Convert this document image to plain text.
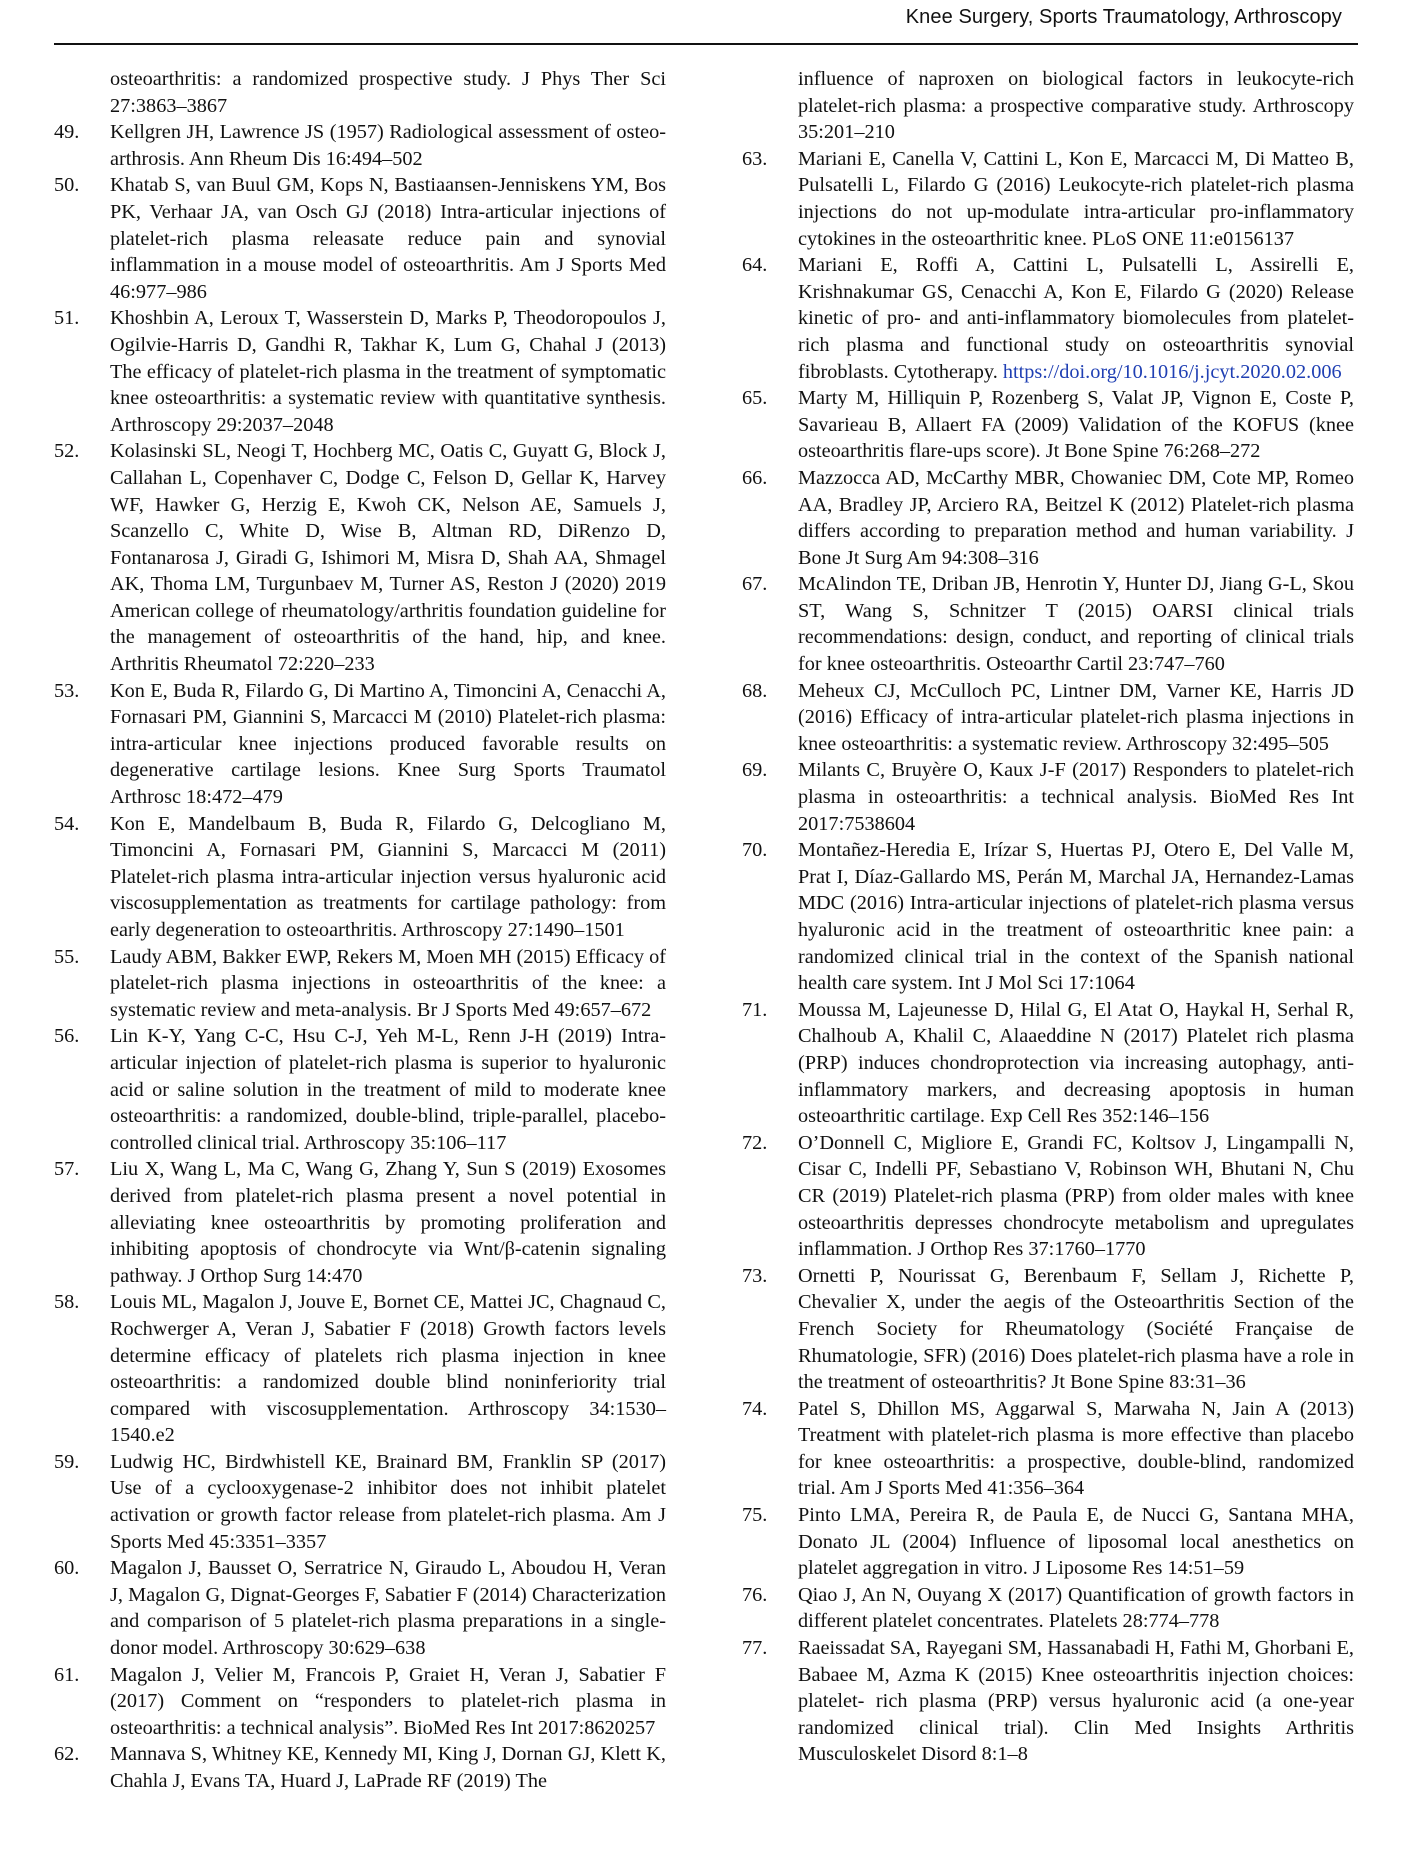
Knee Surgery, Sports Traumatology, Arthroscopy
osteoarthritis: a randomized prospective study. J Phys Ther Sci 27:3863–3867
49. Kellgren JH, Lawrence JS (1957) Radiological assessment of osteo-arthrosis. Ann Rheum Dis 16:494–502
50. Khatab S, van Buul GM, Kops N, Bastiaansen-Jenniskens YM, Bos PK, Verhaar JA, van Osch GJ (2018) Intra-articular injections of platelet-rich plasma releasate reduce pain and synovial inflammation in a mouse model of osteoarthritis. Am J Sports Med 46:977–986
51. Khoshbin A, Leroux T, Wasserstein D, Marks P, Theodoropoulos J, Ogilvie-Harris D, Gandhi R, Takhar K, Lum G, Chahal J (2013) The efficacy of platelet-rich plasma in the treatment of symptomatic knee osteoarthritis: a systematic review with quantitative synthesis. Arthroscopy 29:2037–2048
52. Kolasinski SL, Neogi T, Hochberg MC, Oatis C, Guyatt G, Block J, Callahan L, Copenhaver C, Dodge C, Felson D, Gellar K, Harvey WF, Hawker G, Herzig E, Kwoh CK, Nelson AE, Samuels J, Scanzello C, White D, Wise B, Altman RD, DiRenzo D, Fontanarosa J, Giradi G, Ishimori M, Misra D, Shah AA, Shmagel AK, Thoma LM, Turgunbaev M, Turner AS, Reston J (2020) 2019 American college of rheumatology/arthritis foundation guideline for the management of osteoarthritis of the hand, hip, and knee. Arthritis Rheumatol 72:220–233
53. Kon E, Buda R, Filardo G, Di Martino A, Timoncini A, Cenacchi A, Fornasari PM, Giannini S, Marcacci M (2010) Platelet-rich plasma: intra-articular knee injections produced favorable results on degenerative cartilage lesions. Knee Surg Sports Traumatol Arthrosc 18:472–479
54. Kon E, Mandelbaum B, Buda R, Filardo G, Delcogliano M, Timoncini A, Fornasari PM, Giannini S, Marcacci M (2011) Platelet-rich plasma intra-articular injection versus hyaluronic acid viscosupplementation as treatments for cartilage pathology: from early degeneration to osteoarthritis. Arthroscopy 27:1490–1501
55. Laudy ABM, Bakker EWP, Rekers M, Moen MH (2015) Efficacy of platelet-rich plasma injections in osteoarthritis of the knee: a systematic review and meta-analysis. Br J Sports Med 49:657–672
56. Lin K-Y, Yang C-C, Hsu C-J, Yeh M-L, Renn J-H (2019) Intra-articular injection of platelet-rich plasma is superior to hyaluronic acid or saline solution in the treatment of mild to moderate knee osteoarthritis: a randomized, double-blind, triple-parallel, placebo-controlled clinical trial. Arthroscopy 35:106–117
57. Liu X, Wang L, Ma C, Wang G, Zhang Y, Sun S (2019) Exosomes derived from platelet-rich plasma present a novel potential in alleviating knee osteoarthritis by promoting proliferation and inhibiting apoptosis of chondrocyte via Wnt/β-catenin signaling pathway. J Orthop Surg 14:470
58. Louis ML, Magalon J, Jouve E, Bornet CE, Mattei JC, Chagnaud C, Rochwerger A, Veran J, Sabatier F (2018) Growth factors levels determine efficacy of platelets rich plasma injection in knee osteoarthritis: a randomized double blind noninferiority trial compared with viscosupplementation. Arthroscopy 34:1530–1540.e2
59. Ludwig HC, Birdwhistell KE, Brainard BM, Franklin SP (2017) Use of a cyclooxygenase-2 inhibitor does not inhibit platelet activation or growth factor release from platelet-rich plasma. Am J Sports Med 45:3351–3357
60. Magalon J, Bausset O, Serratrice N, Giraudo L, Aboudou H, Veran J, Magalon G, Dignat-Georges F, Sabatier F (2014) Characterization and comparison of 5 platelet-rich plasma preparations in a single-donor model. Arthroscopy 30:629–638
61. Magalon J, Velier M, Francois P, Graiet H, Veran J, Sabatier F (2017) Comment on “responders to platelet-rich plasma in osteoarthritis: a technical analysis”. BioMed Res Int 2017:8620257
62. Mannava S, Whitney KE, Kennedy MI, King J, Dornan GJ, Klett K, Chahla J, Evans TA, Huard J, LaPrade RF (2019) The
influence of naproxen on biological factors in leukocyte-rich platelet-rich plasma: a prospective comparative study. Arthroscopy 35:201–210
63. Mariani E, Canella V, Cattini L, Kon E, Marcacci M, Di Matteo B, Pulsatelli L, Filardo G (2016) Leukocyte-rich platelet-rich plasma injections do not up-modulate intra-articular pro-inflammatory cytokines in the osteoarthritic knee. PLoS ONE 11:e0156137
64. Mariani E, Roffi A, Cattini L, Pulsatelli L, Assirelli E, Krishnakumar GS, Cenacchi A, Kon E, Filardo G (2020) Release kinetic of pro- and anti-inflammatory biomolecules from platelet-rich plasma and functional study on osteoarthritis synovial fibroblasts. Cytotherapy. https://doi.org/10.1016/j.jcyt.2020.02.006
65. Marty M, Hilliquin P, Rozenberg S, Valat JP, Vignon E, Coste P, Savarieau B, Allaert FA (2009) Validation of the KOFUS (knee osteoarthritis flare-ups score). Jt Bone Spine 76:268–272
66. Mazzocca AD, McCarthy MBR, Chowaniec DM, Cote MP, Romeo AA, Bradley JP, Arciero RA, Beitzel K (2012) Platelet-rich plasma differs according to preparation method and human variability. J Bone Jt Surg Am 94:308–316
67. McAlindon TE, Driban JB, Henrotin Y, Hunter DJ, Jiang G-L, Skou ST, Wang S, Schnitzer T (2015) OARSI clinical trials recommendations: design, conduct, and reporting of clinical trials for knee osteoarthritis. Osteoarthr Cartil 23:747–760
68. Meheux CJ, McCulloch PC, Lintner DM, Varner KE, Harris JD (2016) Efficacy of intra-articular platelet-rich plasma injections in knee osteoarthritis: a systematic review. Arthroscopy 32:495–505
69. Milants C, Bruyère O, Kaux J-F (2017) Responders to platelet-rich plasma in osteoarthritis: a technical analysis. BioMed Res Int 2017:7538604
70. Montañez-Heredia E, Irízar S, Huertas PJ, Otero E, Del Valle M, Prat I, Díaz-Gallardo MS, Perán M, Marchal JA, Hernandez-Lamas MDC (2016) Intra-articular injections of platelet-rich plasma versus hyaluronic acid in the treatment of osteoarthritic knee pain: a randomized clinical trial in the context of the Spanish national health care system. Int J Mol Sci 17:1064
71. Moussa M, Lajeunesse D, Hilal G, El Atat O, Haykal H, Serhal R, Chalhoub A, Khalil C, Alaaeddine N (2017) Platelet rich plasma (PRP) induces chondroprotection via increasing autophagy, anti-inflammatory markers, and decreasing apoptosis in human osteoarthritic cartilage. Exp Cell Res 352:146–156
72. O’Donnell C, Migliore E, Grandi FC, Koltsov J, Lingampalli N, Cisar C, Indelli PF, Sebastiano V, Robinson WH, Bhutani N, Chu CR (2019) Platelet-rich plasma (PRP) from older males with knee osteoarthritis depresses chondrocyte metabolism and upregulates inflammation. J Orthop Res 37:1760–1770
73. Ornetti P, Nourissat G, Berenbaum F, Sellam J, Richette P, Chevalier X, under the aegis of the Osteoarthritis Section of the French Society for Rheumatology (Société Française de Rhumatologie, SFR) (2016) Does platelet-rich plasma have a role in the treatment of osteoarthritis? Jt Bone Spine 83:31–36
74. Patel S, Dhillon MS, Aggarwal S, Marwaha N, Jain A (2013) Treatment with platelet-rich plasma is more effective than placebo for knee osteoarthritis: a prospective, double-blind, randomized trial. Am J Sports Med 41:356–364
75. Pinto LMA, Pereira R, de Paula E, de Nucci G, Santana MHA, Donato JL (2004) Influence of liposomal local anesthetics on platelet aggregation in vitro. J Liposome Res 14:51–59
76. Qiao J, An N, Ouyang X (2017) Quantification of growth factors in different platelet concentrates. Platelets 28:774–778
77. Raeissadat SA, Rayegani SM, Hassanabadi H, Fathi M, Ghorbani E, Babaee M, Azma K (2015) Knee osteoarthritis injection choices: platelet- rich plasma (PRP) versus hyaluronic acid (a one-year randomized clinical trial). Clin Med Insights Arthritis Musculoskelet Disord 8:1–8
